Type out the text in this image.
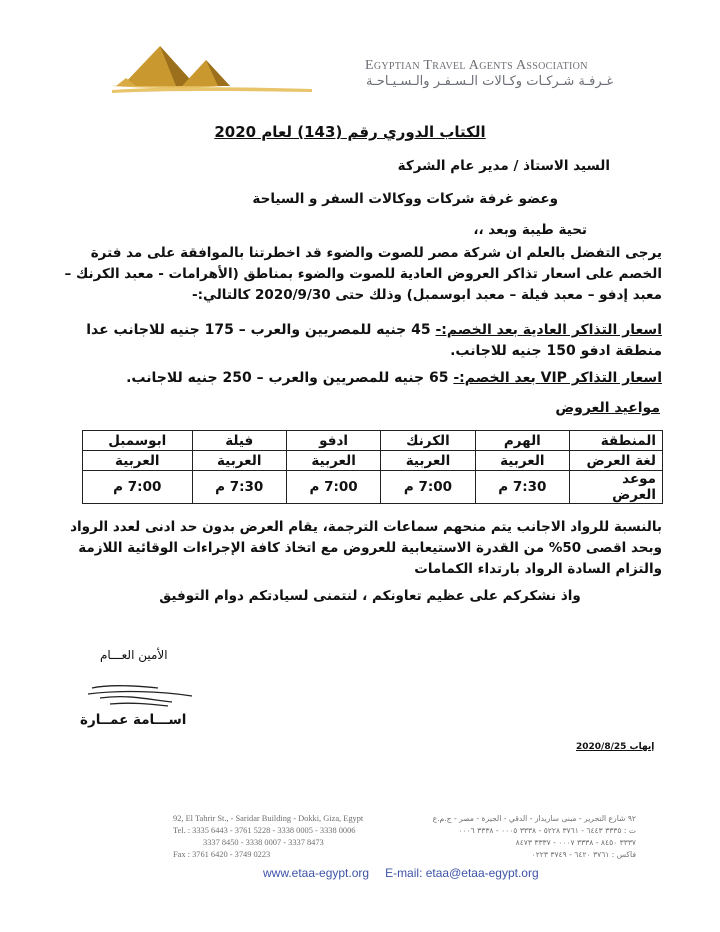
Egyptian Travel Agents Association
غـرفـة شـركـات وكـالات الـسـفـر والـسـيـاحـة
الكتاب الدوري رقم (143) لعام 2020
السيد الاستاذ / مدير عام الشركة
وعضو غرفة شركات ووكالات السفر و السياحة
تحية طيبة وبعد ،،
يرجى التفضل بالعلم ان شركة مصر للصوت والضوء قد اخطرتنا بالموافقة على مد فترة الخصم على اسعار تذاكر العروض العادية للصوت والضوء بمناطق (الأهرامات - معبد الكرنك – معبد إدفو – معبد فيلة – معبد ابوسمبل) وذلك حتى 2020/9/30 كالتالي:-
اسعار التذاكر العادية بعد الخصم:- 45 جنيه للمصريين والعرب – 175 جنيه للاجانب عدا منطقة ادفو 150 جنيه للاجانب.
اسعار التذاكر VIP بعد الخصم:- 65 جنيه للمصريين والعرب – 250 جنيه للاجانب.
مواعيد العروض
المنطقة	الهرم	الكرنك	ادفو	فيلة	ابوسمبل
لغة العرض	العربية	العربية	العربية	العربية	العربية
موعد العرض	7:30 م	7:00 م	7:00 م	7:30 م	7:00 م
بالنسبة للرواد الاجانب يتم منحهم سماعات الترجمة، يقام العرض بدون حد ادنى لعدد الرواد وبحد اقصى 50% من القدرة الاستيعابية للعروض مع اتخاذ كافة الإجراءات الوقائية اللازمة والتزام السادة الرواد بارتداء الكمامات
واذ نشكركم على عظيم تعاونكم ، لنتمنى لسيادتكم دوام التوفيق
الأمين العـــام
اســـامة عمــارة
إيهاب 2020/8/25
92, El Tahrir St., - Saridar Building - Dokki, Giza, Egypt
Tel. : 3335 6443 - 3761 5228 - 3338 0005 - 3338 0006
3337 8450 - 3338 0007 - 3337 8473
Fax : 3761 6420 - 3749 0223
٩٢ شارع التحرير - مبنى ساريدار - الدقي - الجيزة - مصر - ج.م.ع
ت : ٣٣٣٥ ٦٤٤٣ - ٣٧٦١ ٥٢٢٨ - ٣٣٣٨ ٠٠٠٥ - ٣٣٣٨ ٠٠٠٦
٣٣٣٧ ٨٤٥٠ - ٣٣٣٨ ٠٠٠٧ - ٣٣٣٧ ٨٤٧٣
فاكس : ٣٧٦١ ٦٤٢٠ - ٣٧٤٩ ٠٢٢٣
www.etaa-egypt.org E-mail: etaa@etaa-egypt.org
